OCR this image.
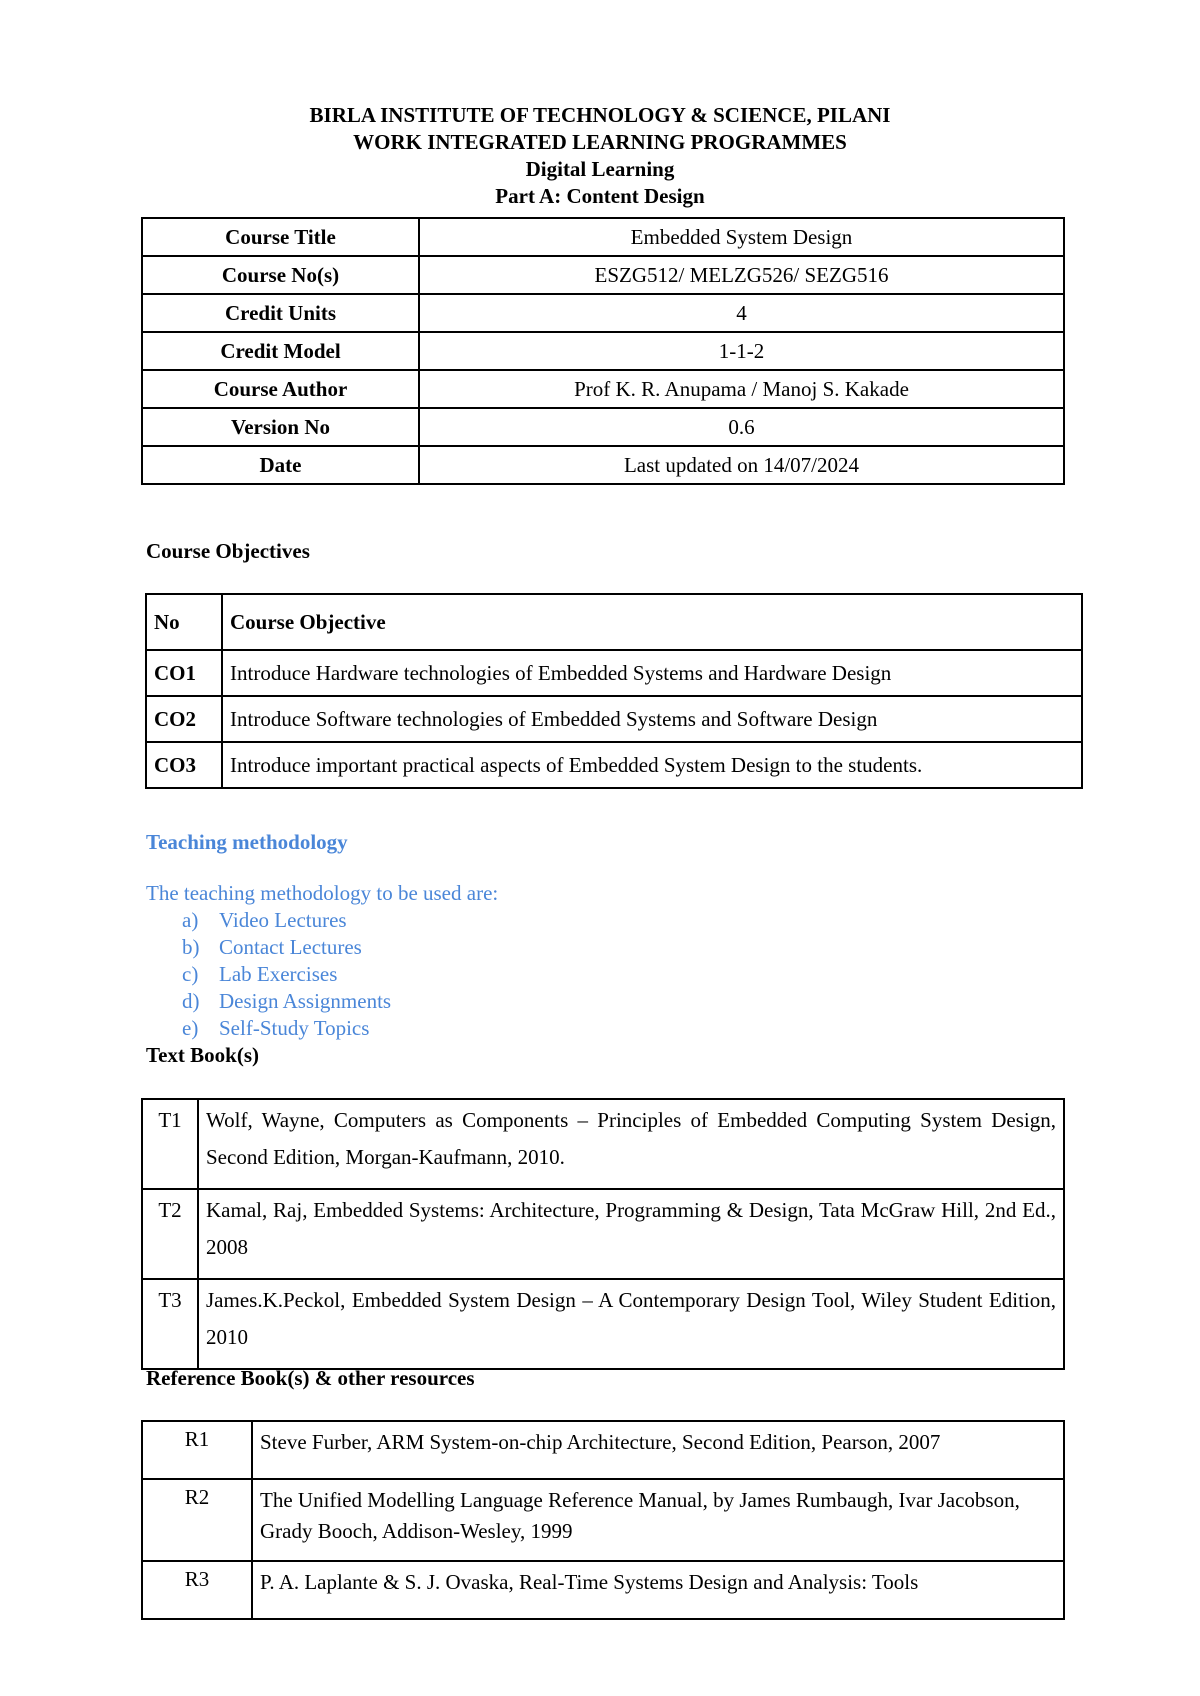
BIRLA INSTITUTE OF TECHNOLOGY & SCIENCE, PILANI
WORK INTEGRATED LEARNING PROGRAMMES
Digital Learning
Part A: Content Design
Course Title	Embedded System Design
Course No(s)	ESZG512/ MELZG526/ SEZG516
Credit Units	4
Credit Model	1-1-2
Course Author	Prof K. R. Anupama / Manoj S. Kakade
Version No	0.6
Date	Last updated on 14/07/2024
Course Objectives
No	Course Objective
CO1	Introduce Hardware technologies of Embedded Systems and Hardware Design
CO2	Introduce Software technologies of Embedded Systems and Software Design
CO3	Introduce important practical aspects of Embedded System Design to the students.
Teaching methodology
The teaching methodology to be used are:
a) Video Lectures
b) Contact Lectures
c) Lab Exercises
d) Design Assignments
e) Self-Study Topics
Text Book(s)
T1	Wolf, Wayne, Computers as Components – Principles of Embedded Computing System Design, Second Edition, Morgan-Kaufmann, 2010.
T2	Kamal, Raj, Embedded Systems: Architecture, Programming & Design, Tata McGraw Hill, 2nd Ed., 2008
T3	James.K.Peckol, Embedded System Design – A Contemporary Design Tool, Wiley Student Edition, 2010
Reference Book(s) & other resources
R1	Steve Furber, ARM System-on-chip Architecture, Second Edition, Pearson, 2007
R2	The Unified Modelling Language Reference Manual, by James Rumbaugh, Ivar Jacobson, Grady Booch, Addison-Wesley, 1999
R3	P. A. Laplante & S. J. Ovaska, Real-Time Systems Design and Analysis: Tools
